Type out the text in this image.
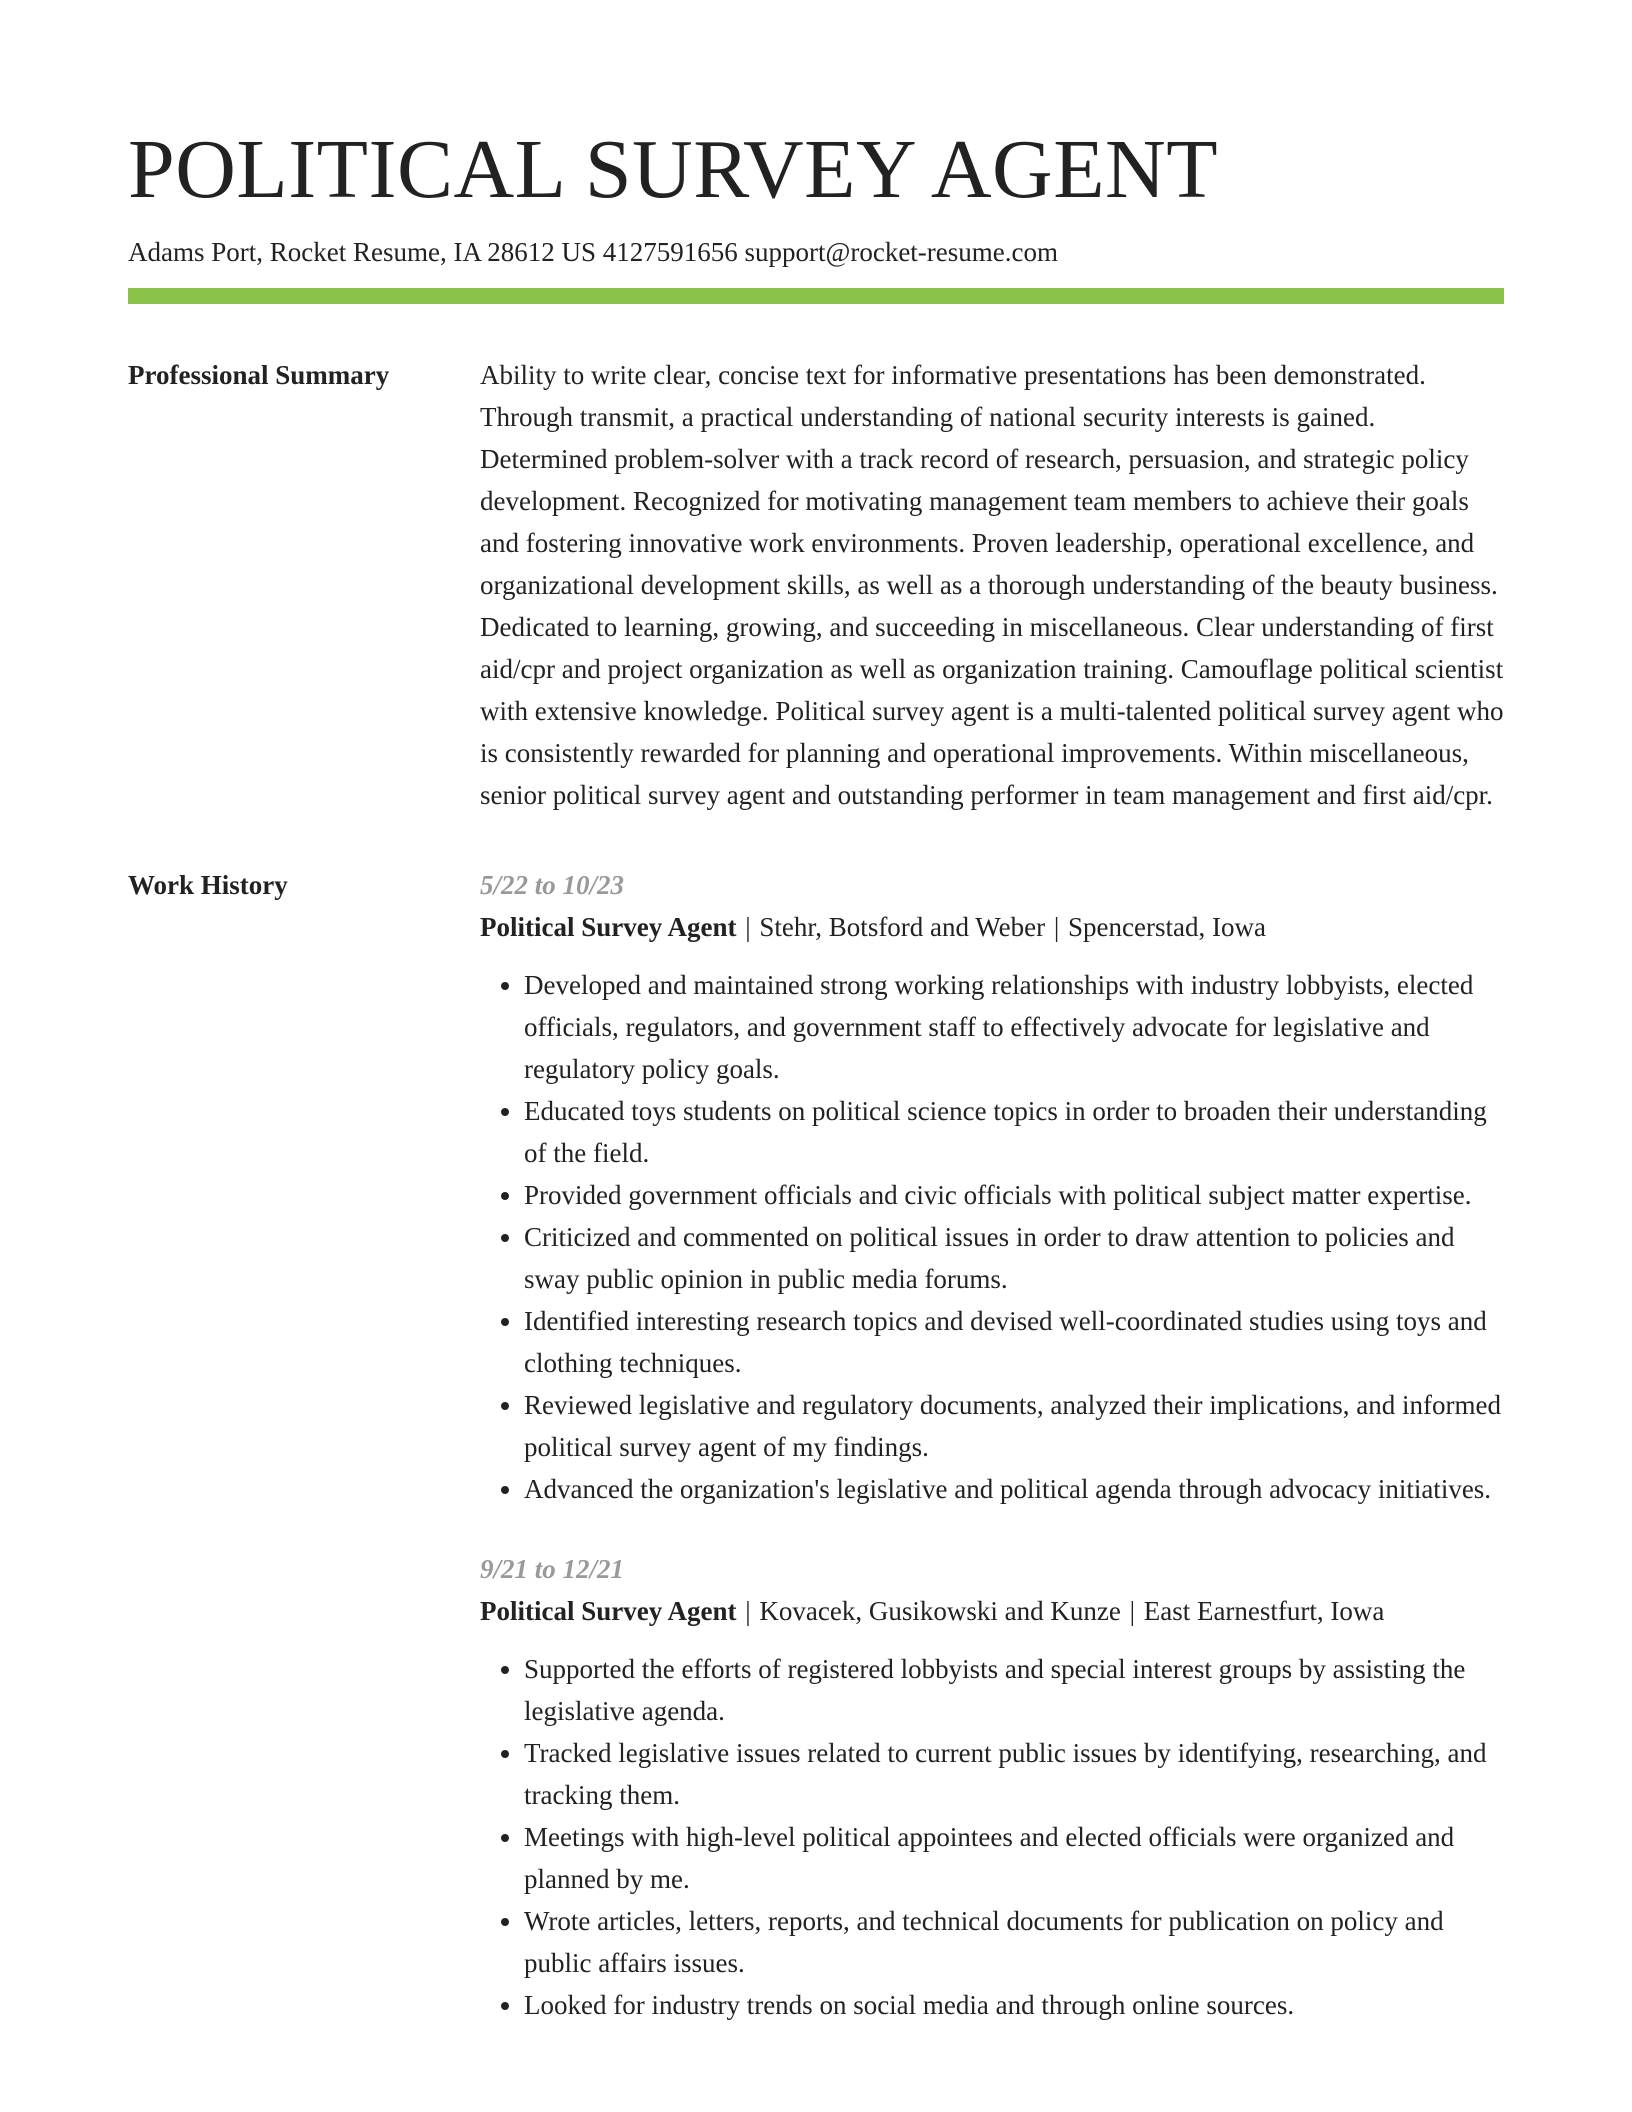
POLITICAL SURVEY AGENT
Adams Port, Rocket Resume, IA 28612 US 4127591656 support@rocket-resume.com
Professional Summary	Ability to write clear, concise text for informative presentations has been demonstrated. Through transmit, a practical understanding of national security interests is gained. Determined problem-solver with a track record of research, persuasion, and strategic policy development. Recognized for motivating management team members to achieve their goals and fostering innovative work environments. Proven leadership, operational excellence, and organizational development skills, as well as a thorough understanding of the beauty business. Dedicated to learning, growing, and succeeding in miscellaneous. Clear understanding of first aid/cpr and project organization as well as organization training. Camouflage political scientist with extensive knowledge. Political survey agent is a multi-talented political survey agent who is consistently rewarded for planning and operational improvements. Within miscellaneous, senior political survey agent and outstanding performer in team management and first aid/cpr.

Work History	5/22 to 10/23

Political Survey Agent | Stehr, Botsford and Weber | Spencerstad, Iowa

• Developed and maintained strong working relationships with industry lobbyists, elected officials, regulators, and government staff to effectively advocate for legislative and regulatory policy goals.
• Educated toys students on political science topics in order to broaden their understanding of the field.
• Provided government officials and civic officials with political subject matter expertise.
• Criticized and commented on political issues in order to draw attention to policies and sway public opinion in public media forums.
• Identified interesting research topics and devised well-coordinated studies using toys and clothing techniques.
• Reviewed legislative and regulatory documents, analyzed their implications, and informed political survey agent of my findings.
• Advanced the organization's legislative and political agenda through advocacy initiatives.

9/21 to 12/21

Political Survey Agent | Kovacek, Gusikowski and Kunze | East Earnestfurt, Iowa

• Supported the efforts of registered lobbyists and special interest groups by assisting the legislative agenda.
• Tracked legislative issues related to current public issues by identifying, researching, and tracking them.
• Meetings with high-level political appointees and elected officials were organized and planned by me.
• Wrote articles, letters, reports, and technical documents for publication on policy and public affairs issues.
• Looked for industry trends on social media and through online sources.
